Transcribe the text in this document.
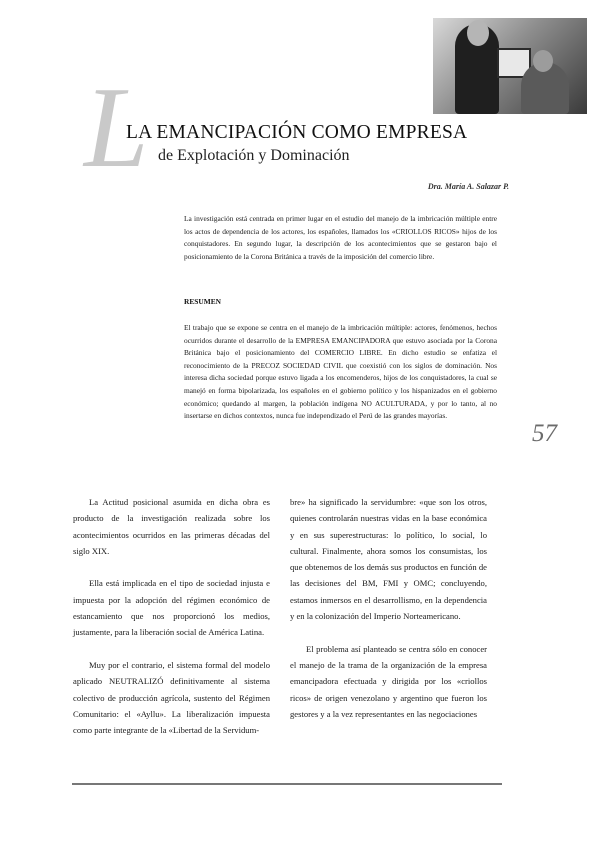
L
LA EMANCIPACIÓN COMO EMPRESA
de Explotación y Dominación
Dra. María A. Salazar P.
La investigación está centrada en primer lugar en el estudio del manejo de la imbricación múltiple entre los actos de dependencia de los actores, los españoles, llamados los «CRIOLLOS RICOS» hijos de los conquistadores. En segundo lugar, la descripción de los acontecimientos que se gestaron bajo el posicionamiento de la Corona Británica a través de la imposición del comercio libre.
RESUMEN
El trabajo que se expone se centra en el manejo de la imbricación múltiple: actores, fenómenos, hechos ocurridos durante el desarrollo de la EMPRESA EMANCIPADORA que estuvo asociada por la Corona Británica bajo el posicionamiento del COMERCIO LIBRE. En dicho estudio se enfatiza el reconocimiento de la PRECOZ SOCIEDAD CIVIL que coexistió con los siglos de dominación. Nos interesa dicha sociedad porque estuvo ligada a los encomenderos, hijos de los conquistadores, la cual se manejó en forma bipolarizada, los españoles en el gobierno político y los hispanizados en el gobierno económico; quedando al margen, la población indígena NO ACULTURADA, y por lo tanto, al no insertarse en dichos contextos, nunca fue independizado el Perú de las grandes mayorías.
57

La Actitud posicional asumida en dicha obra es producto de la investigación realizada sobre los acontecimientos ocurridos en las primeras décadas del siglo XIX.

Ella está implicada en el tipo de sociedad injusta e impuesta por la adopción del régimen económico de estancamiento que nos proporcionó los medios, justamente, para la liberación social de América Latina.

Muy por el contrario, el sistema formal del modelo aplicado NEUTRALIZÓ definitivamente al sistema colectivo de producción agrícola, sustento del Régimen Comunitario: el «Ayllu». La liberalización impuesta como parte integrante de la «Libertad de la Servidum-

bre» ha significado la servidumbre: «que son los otros, quienes controlarán nuestras vidas en la base económica y en sus superestructuras: lo político, lo social, lo cultural. Finalmente, ahora somos los consumistas, los que obtenemos de los demás sus productos en función de las decisiones del BM, FMI y OMC; concluyendo, estamos inmersos en el desarrollismo, en la dependencia y en la colonización del Imperio Norteamericano.

El problema así planteado se centra sólo en conocer el manejo de la trama de la organización de la empresa emancipadora efectuada y dirigida por los «criollos ricos» de origen venezolano y argentino que fueron los gestores y a la vez representantes en las negociaciones
